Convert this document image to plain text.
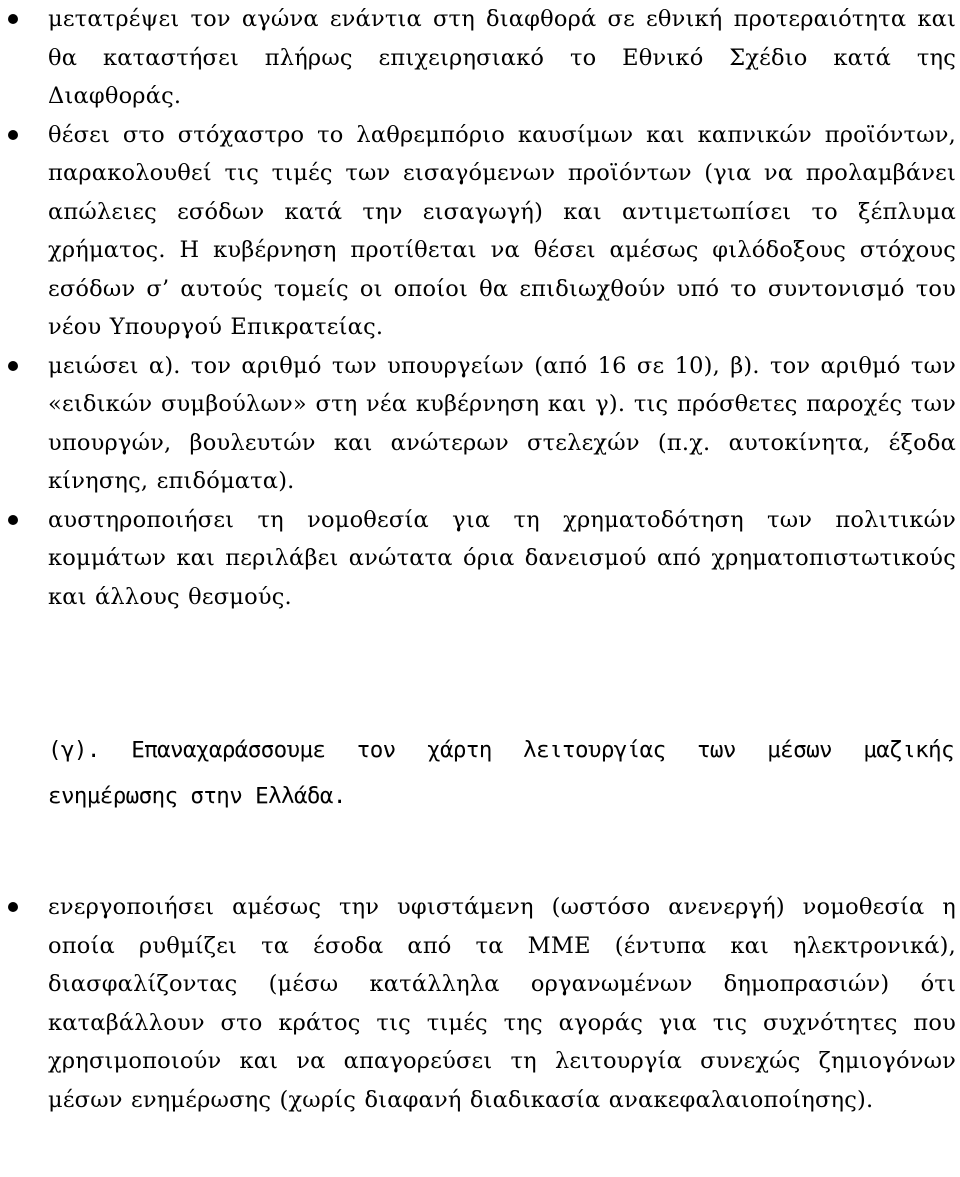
μετατρέψει τον αγώνα ενάντια στη διαφθορά σε εθνική προτεραιότητα και θα καταστήσει πλήρως επιχειρησιακό το Εθνικό Σχέδιο κατά της Διαφθοράς.
θέσει στο στόχαστρο το λαθρεμπόριο καυσίμων και καπνικών προϊόντων, παρακολουθεί τις τιμές των εισαγόμενων προϊόντων (για να προλαμβάνει απώλειες εσόδων κατά την εισαγωγή) και αντιμετωπίσει το ξέπλυμα χρήματος. Η κυβέρνηση προτίθεται να θέσει αμέσως φιλόδοξους στόχους εσόδων σ’ αυτούς τομείς οι οποίοι θα επιδιωχθούν υπό το συντονισμό του νέου Υπουργού Επικρατείας.
μειώσει α). τον αριθμό των υπουργείων (από 16 σε 10), β). τον αριθμό των «ειδικών συμβούλων» στη νέα κυβέρνηση και γ). τις πρόσθετες παροχές των υπουργών, βουλευτών και ανώτερων στελεχών (π.χ. αυτοκίνητα, έξοδα κίνησης, επιδόματα).
αυστηροποιήσει τη νομοθεσία για τη χρηματοδότηση των πολιτικών κομμάτων και περιλάβει ανώτατα όρια δανεισμού από χρηματοπιστωτικούς και άλλους θεσμούς.
(γ). Επαναχαράσσουμε τον χάρτη λειτουργίας των μέσων μαζικής ενημέρωσης στην Ελλάδα.
ενεργοποιήσει αμέσως την υφιστάμενη (ωστόσο ανενεργή) νομοθεσία η οποία ρυθμίζει τα έσοδα από τα ΜΜΕ (έντυπα και ηλεκτρονικά), διασφαλίζοντας (μέσω κατάλληλα οργανωμένων δημοπρασιών) ότι καταβάλλουν στο κράτος τις τιμές της αγοράς για τις συχνότητες που χρησιμοποιούν και να απαγορεύσει τη λειτουργία συνεχώς ζημιογόνων μέσων ενημέρωσης (χωρίς διαφανή διαδικασία ανακεφαλαιοποίησης).
